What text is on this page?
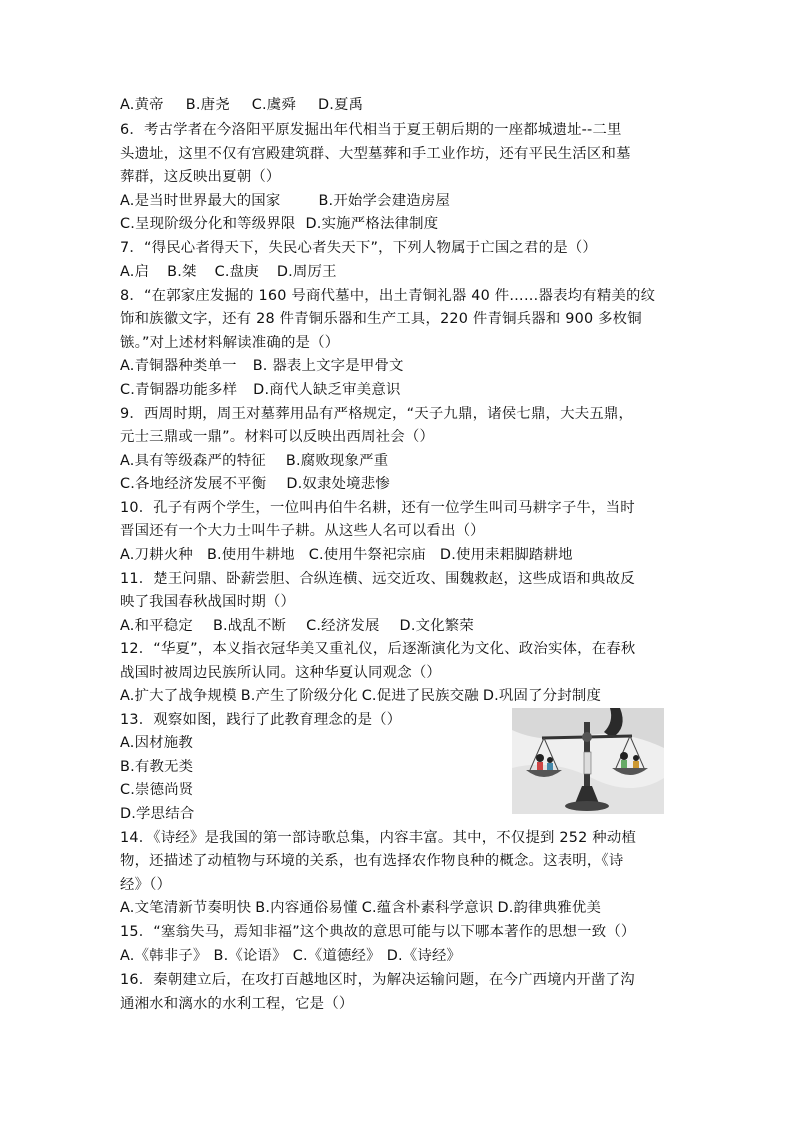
A.黄帝 B.唐尧 C.虞舜 D.夏禹
6．考古学者在今洛阳平原发掘出年代相当于夏王朝后期的一座都城遗址--二里
头遗址，这里不仅有宫殿建筑群、大型墓葬和手工业作坊，还有平民生活区和墓
葬群，这反映出夏朝（）
A.是当时世界最大的国家	B.开始学会建造房屋
C.呈现阶级分化和等级界限 D.实施严格法律制度
7．“得民心者得天下，失民心者失天下”，下列人物属于亡国之君的是（）
A.启 B.桀 C.盘庚 D.周厉王
8．“在郭家庄发掘的 160 号商代墓中，出土青铜礼器 40 件……器表均有精美的纹
饰和族徽文字，还有 28 件青铜乐器和生产工具，220 件青铜兵器和 900 多枚铜
镞。”对上述材料解读准确的是（）
A.青铜器种类单一 B. 器表上文字是甲骨文
C.青铜器功能多样 D.商代人缺乏审美意识
9．西周时期，周王对墓葬用品有严格规定，“天子九鼎，诸侯七鼎，大夫五鼎，
元士三鼎或一鼎”。材料可以反映出西周社会（）
A.具有等级森严的特征 B.腐败现象严重
C.各地经济发展不平衡 D.奴隶处境悲惨
10．孔子有两个学生，一位叫冉伯牛名耕，还有一位学生叫司马耕字子牛，当时
晋国还有一个大力士叫牛子耕。从这些人名可以看出（）
A.刀耕火种 B.使用牛耕地 C.使用牛祭祀宗庙 D.使用耒耜脚踏耕地
11．楚王问鼎、卧薪尝胆、合纵连横、远交近攻、围魏救赵，这些成语和典故反
映了我国春秋战国时期（）
A.和平稳定 B.战乱不断 C.经济发展 D.文化繁荣
12．“华夏”，本义指衣冠华美又重礼仪，后逐渐演化为文化、政治实体，在春秋
战国时被周边民族所认同。这种华夏认同观念（）
A.扩大了战争规模 B.产生了阶级分化 C.促进了民族交融 D.巩固了分封制度
13．观察如图，践行了此教育理念的是（）
A.因材施教
B.有教无类
C.崇德尚贤
D.学思结合
14．《诗经》是我国的第一部诗歌总集，内容丰富。其中，不仅提到 252 种动植
物，还描述了动植物与环境的关系，也有选择农作物良种的概念。这表明，《诗
经》（）
A.文笔清新节奏明快 B.内容通俗易懂 C.蕴含朴素科学意识 D.韵律典雅优美
15．“塞翁失马，焉知非福”这个典故的意思可能与以下哪本著作的思想一致（）
A.《韩非子》 B.《论语》 C.《道德经》 D.《诗经》
16．秦朝建立后，在攻打百越地区时，为解决运输问题，在今广西境内开凿了沟
通湘水和漓水的水利工程，它是（）
